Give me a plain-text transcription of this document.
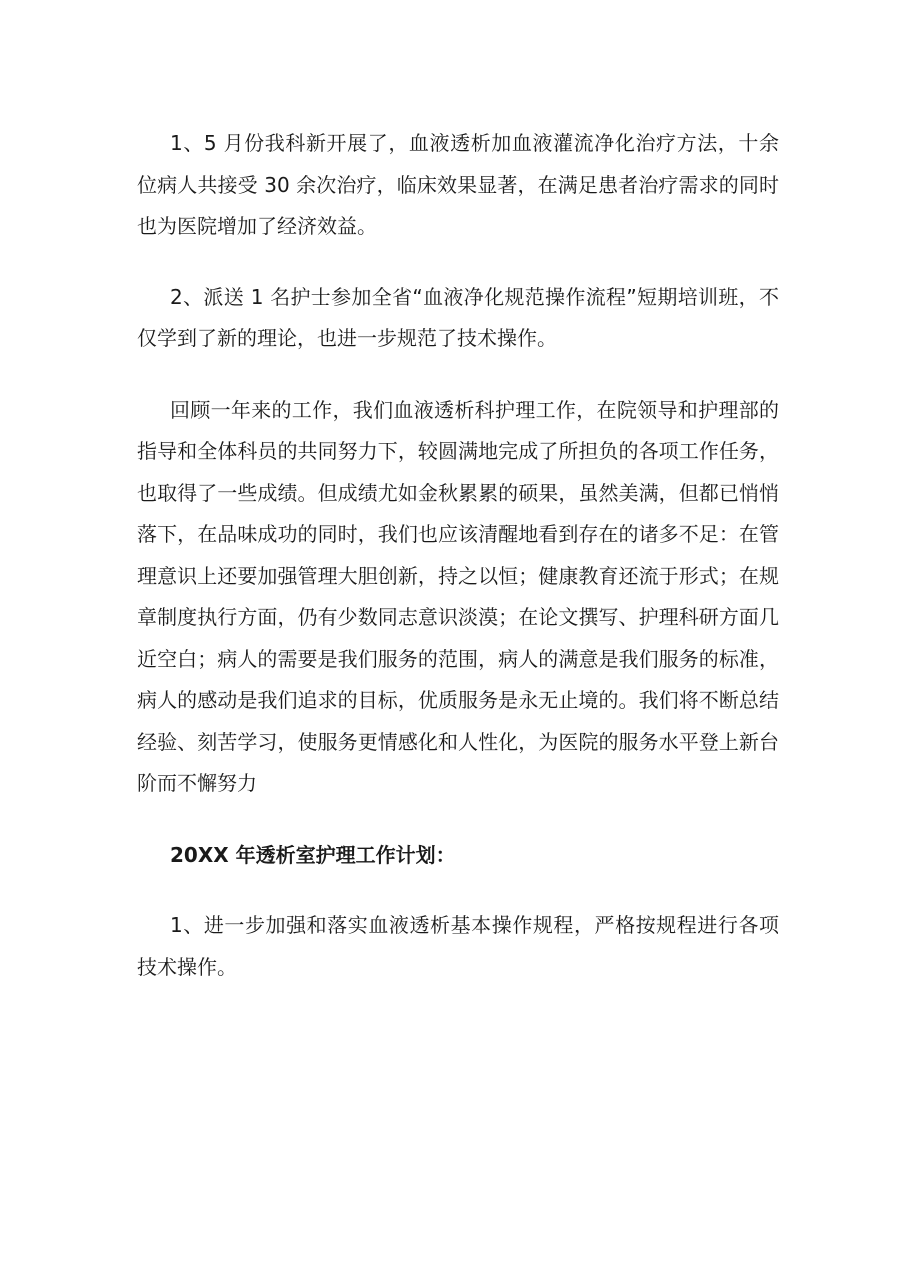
1、5 月份我科新开展了，血液透析加血液灌流净化治疗方法，十余位病人共接受 30 余次治疗，临床效果显著，在满足患者治疗需求的同时也为医院增加了经济效益。

2、派送 1 名护士参加全省“血液净化规范操作流程”短期培训班，不仅学到了新的理论，也进一步规范了技术操作。

回顾一年来的工作，我们血液透析科护理工作，在院领导和护理部的指导和全体科员的共同努力下，较圆满地完成了所担负的各项工作任务，也取得了一些成绩。但成绩尤如金秋累累的硕果，虽然美满，但都已悄悄落下，在品味成功的同时，我们也应该清醒地看到存在的诸多不足：在管理意识上还要加强管理大胆创新，持之以恒；健康教育还流于形式；在规章制度执行方面，仍有少数同志意识淡漠；在论文撰写、护理科研方面几近空白；病人的需要是我们服务的范围，病人的满意是我们服务的标准，病人的感动是我们追求的目标，优质服务是永无止境的。我们将不断总结经验、刻苦学习，使服务更情感化和人性化，为医院的服务水平登上新台阶而不懈努力

20XX 年透析室护理工作计划：

1、进一步加强和落实血液透析基本操作规程，严格按规程进行各项技术操作。
